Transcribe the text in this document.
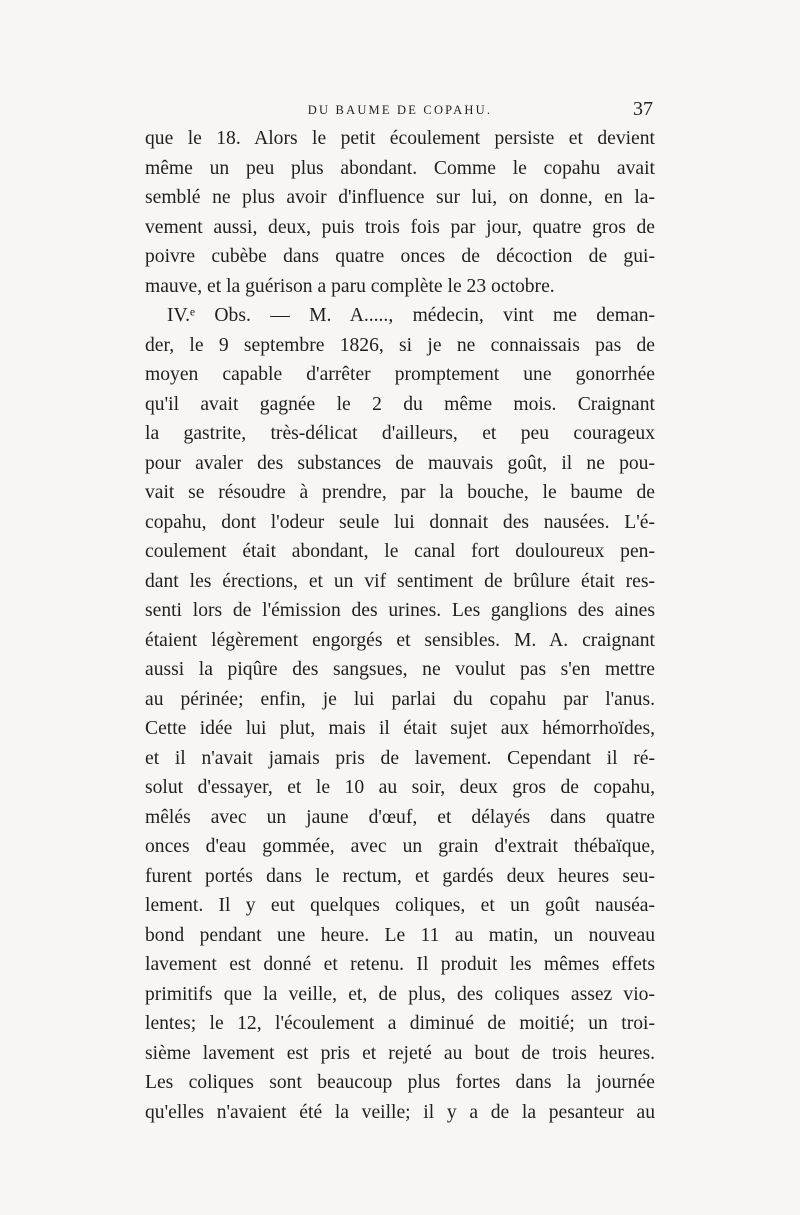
DU BAUME DE COPAHU.	37
que le 18. Alors le petit écoulement persiste et devient
même un peu plus abondant. Comme le copahu avait
semblé ne plus avoir d'influence sur lui, on donne, en la-
vement aussi, deux, puis trois fois par jour, quatre gros de
poivre cubèbe dans quatre onces de décoction de gui-
mauve, et la guérison a paru complète le 23 octobre.
IV.ᵉ Obs. — M. A....., médecin, vint me deman-
der, le 9 septembre 1826, si je ne connaissais pas de
moyen capable d'arrêter promptement une gonorrhée
qu'il avait gagnée le 2 du même mois. Craignant
la gastrite, très-délicat d'ailleurs, et peu courageux
pour avaler des substances de mauvais goût, il ne pou-
vait se résoudre à prendre, par la bouche, le baume de
copahu, dont l'odeur seule lui donnait des nausées. L'é-
coulement était abondant, le canal fort douloureux pen-
dant les érections, et un vif sentiment de brûlure était res-
senti lors de l'émission des urines. Les ganglions des aines
étaient légèrement engorgés et sensibles. M. A. craignant
aussi la piqûre des sangsues, ne voulut pas s'en mettre
au périnée; enfin, je lui parlai du copahu par l'anus.
Cette idée lui plut, mais il était sujet aux hémorrhoïdes,
et il n'avait jamais pris de lavement. Cependant il ré-
solut d'essayer, et le 10 au soir, deux gros de copahu,
mêlés avec un jaune d'œuf, et délayés dans quatre
onces d'eau gommée, avec un grain d'extrait thébaïque,
furent portés dans le rectum, et gardés deux heures seu-
lement. Il y eut quelques coliques, et un goût nauséa-
bond pendant une heure. Le 11 au matin, un nouveau
lavement est donné et retenu. Il produit les mêmes effets
primitifs que la veille, et, de plus, des coliques assez vio-
lentes; le 12, l'écoulement a diminué de moitié; un troi-
sième lavement est pris et rejeté au bout de trois heures.
Les coliques sont beaucoup plus fortes dans la journée
qu'elles n'avaient été la veille; il y a de la pesanteur au
